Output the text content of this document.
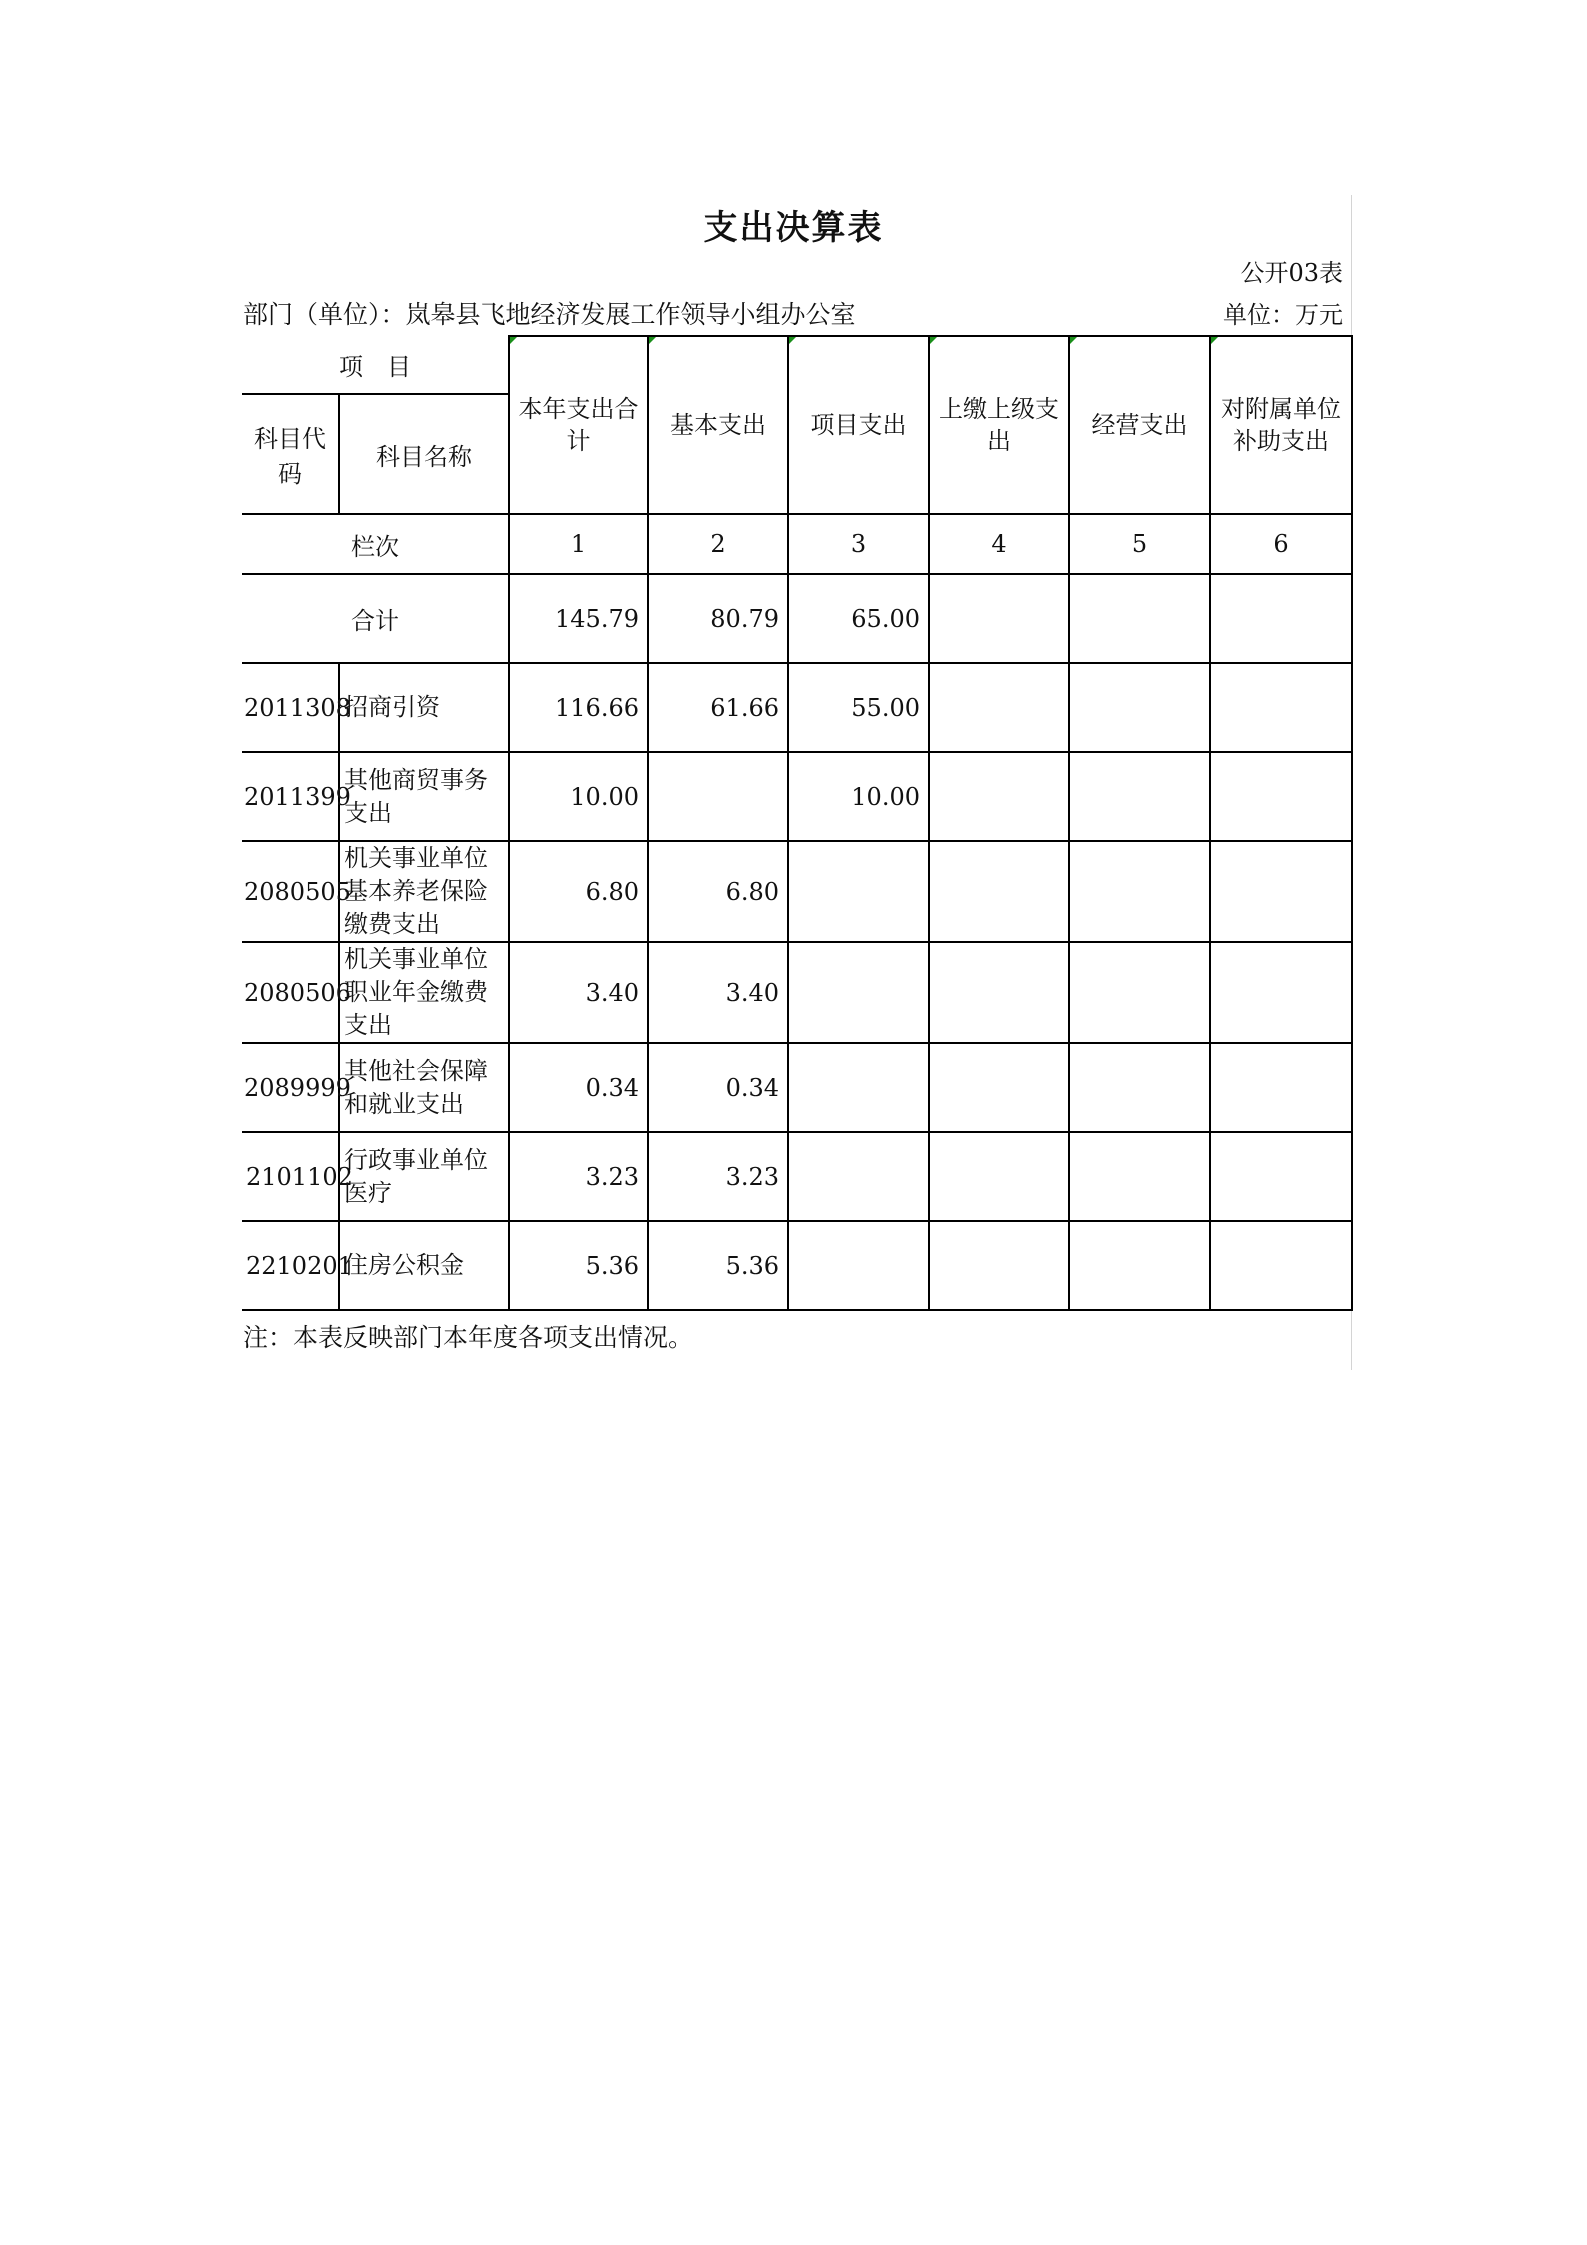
支出决算表
公开03表
部门（单位）：岚皋县飞地经济发展工作领导小组办公室	单位：万元
项　目		本年支出合计	基本支出	项目支出	上缴上级支出	经营支出	对附属单位补助支出
科目代码	科目名称						
栏次		1	2	3	4	5	6
合计		145.79	80.79	65.00			
2011308	招商引资	116.66	61.66	55.00			
2011399	其他商贸事务支出	10.00		10.00			
2080505	机关事业单位基本养老保险缴费支出	6.80	6.80				
2080506	机关事业单位职业年金缴费支出	3.40	3.40				
2089999	其他社会保障和就业支出	0.34	0.34				
2101102	行政事业单位医疗	3.23	3.23				
2210201	住房公积金	5.36	5.36				
注：本表反映部门本年度各项支出情况。
